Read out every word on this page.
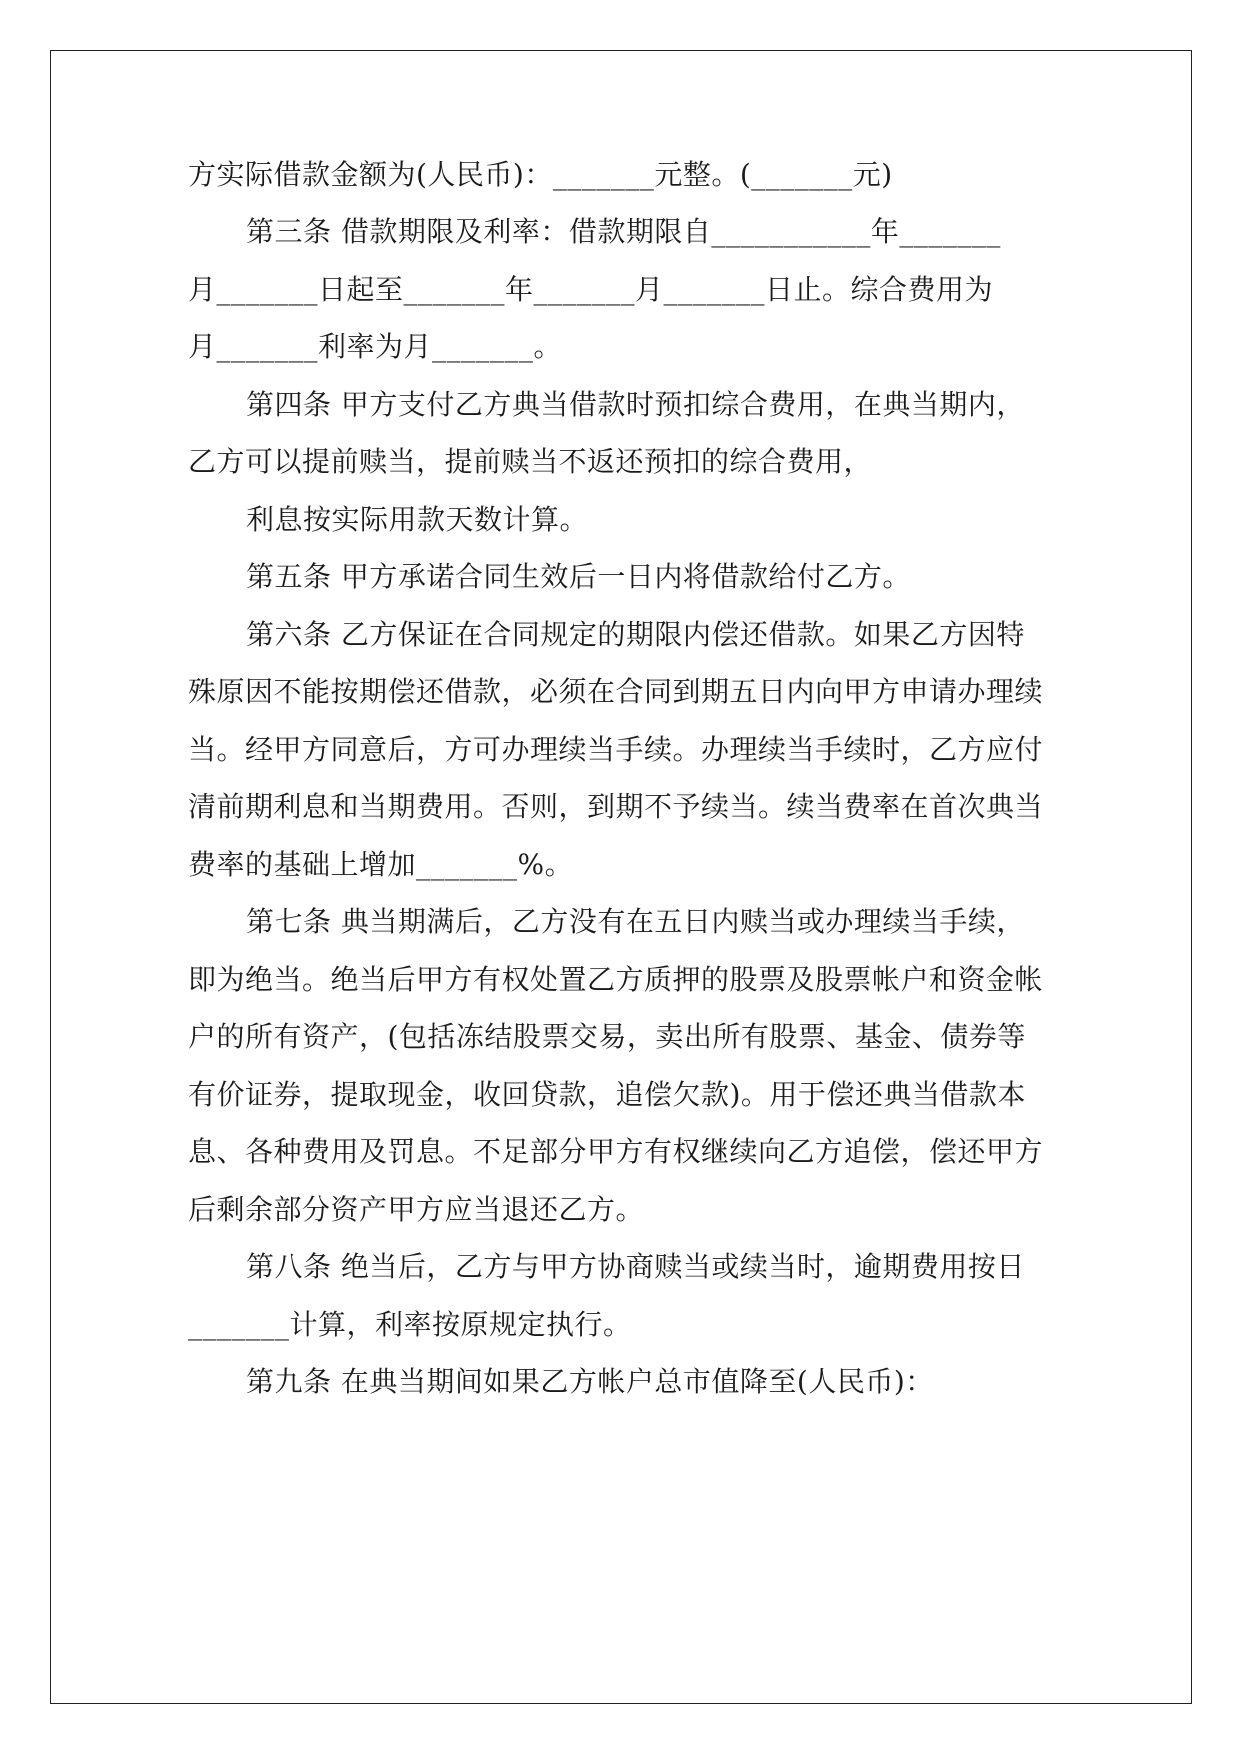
方实际借款金额为(人民币)：_______元整。(_______元)
第三条 借款期限及利率：借款期限自___________年_______
月_______日起至_______年_______月_______日止。综合费用为
月_______利率为月_______。
第四条 甲方支付乙方典当借款时预扣综合费用，在典当期内，
乙方可以提前赎当，提前赎当不返还预扣的综合费用，
利息按实际用款天数计算。
第五条 甲方承诺合同生效后一日内将借款给付乙方。
第六条 乙方保证在合同规定的期限内偿还借款。如果乙方因特
殊原因不能按期偿还借款，必须在合同到期五日内向甲方申请办理续
当。经甲方同意后，方可办理续当手续。办理续当手续时，乙方应付
清前期利息和当期费用。否则，到期不予续当。续当费率在首次典当
费率的基础上增加_______%。
第七条 典当期满后，乙方没有在五日内赎当或办理续当手续，
即为绝当。绝当后甲方有权处置乙方质押的股票及股票帐户和资金帐
户的所有资产，(包括冻结股票交易，卖出所有股票、基金、债券等
有价证券，提取现金，收回贷款，追偿欠款)。用于偿还典当借款本
息、各种费用及罚息。不足部分甲方有权继续向乙方追偿，偿还甲方
后剩余部分资产甲方应当退还乙方。
第八条 绝当后，乙方与甲方协商赎当或续当时，逾期费用按日
_______计算，利率按原规定执行。
第九条 在典当期间如果乙方帐户总市值降至(人民币)：
